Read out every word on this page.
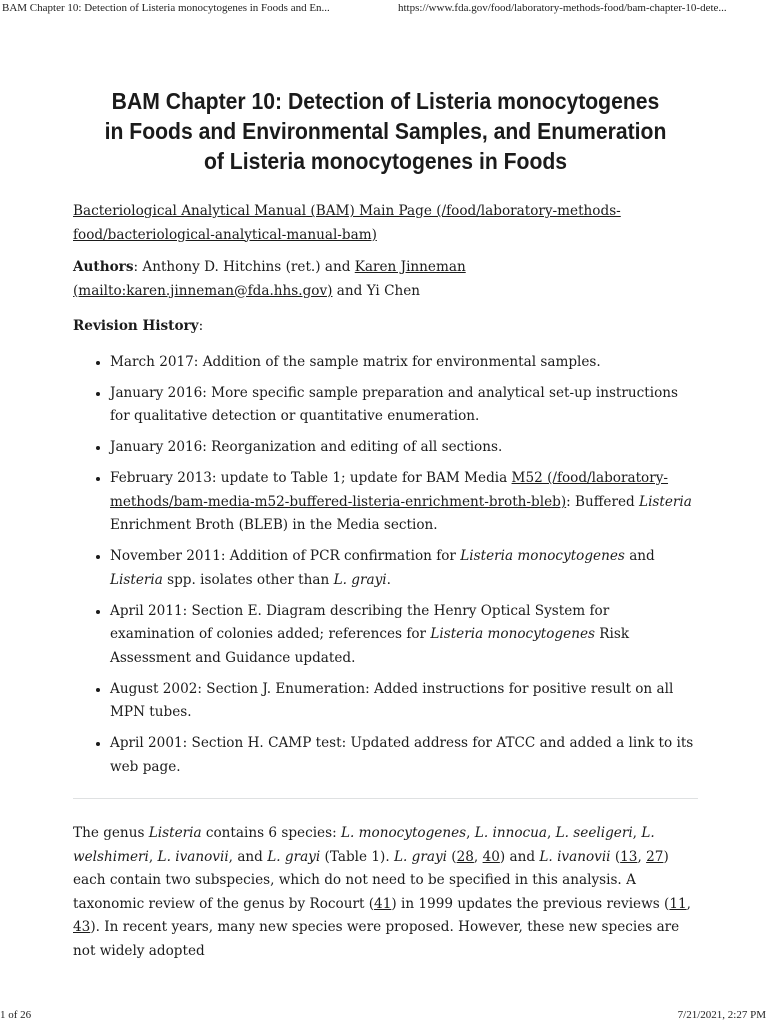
BAM Chapter 10: Detection of Listeria monocytogenes in Foods and En...	https://www.fda.gov/food/laboratory-methods-food/bam-chapter-10-dete...
BAM Chapter 10: Detection of Listeria monocytogenes in Foods and Environmental Samples, and Enumeration of Listeria monocytogenes in Foods

Bacteriological Analytical Manual (BAM) Main Page (/food/laboratory-methods-food/bacteriological-analytical-manual-bam)

Authors: Anthony D. Hitchins (ret.) and Karen Jinneman (mailto:karen.jinneman@fda.hhs.gov) and Yi Chen

Revision History:

• March 2017: Addition of the sample matrix for environmental samples.
• January 2016: More specific sample preparation and analytical set-up instructions for qualitative detection or quantitative enumeration.
• January 2016: Reorganization and editing of all sections.
• February 2013: update to Table 1; update for BAM Media M52 (/food/laboratory-methods/bam-media-m52-buffered-listeria-enrichment-broth-bleb): Buffered Listeria Enrichment Broth (BLEB) in the Media section.
• November 2011: Addition of PCR confirmation for Listeria monocytogenes and Listeria spp. isolates other than L. grayi.
• April 2011: Section E. Diagram describing the Henry Optical System for examination of colonies added; references for Listeria monocytogenes Risk Assessment and Guidance updated.
• August 2002: Section J. Enumeration: Added instructions for positive result on all MPN tubes.
• April 2001: Section H. CAMP test: Updated address for ATCC and added a link to its web page.

The genus Listeria contains 6 species: L. monocytogenes, L. innocua, L. seeligeri, L. welshimeri, L. ivanovii, and L. grayi (Table 1). L. grayi (28, 40) and L. ivanovii (13, 27) each contain two subspecies, which do not need to be specified in this analysis. A taxonomic review of the genus by Rocourt (41) in 1999 updates the previous reviews (11, 43). In recent years, many new species were proposed. However, these new species are not widely adopted

1 of 26	7/21/2021, 2:27 PM
